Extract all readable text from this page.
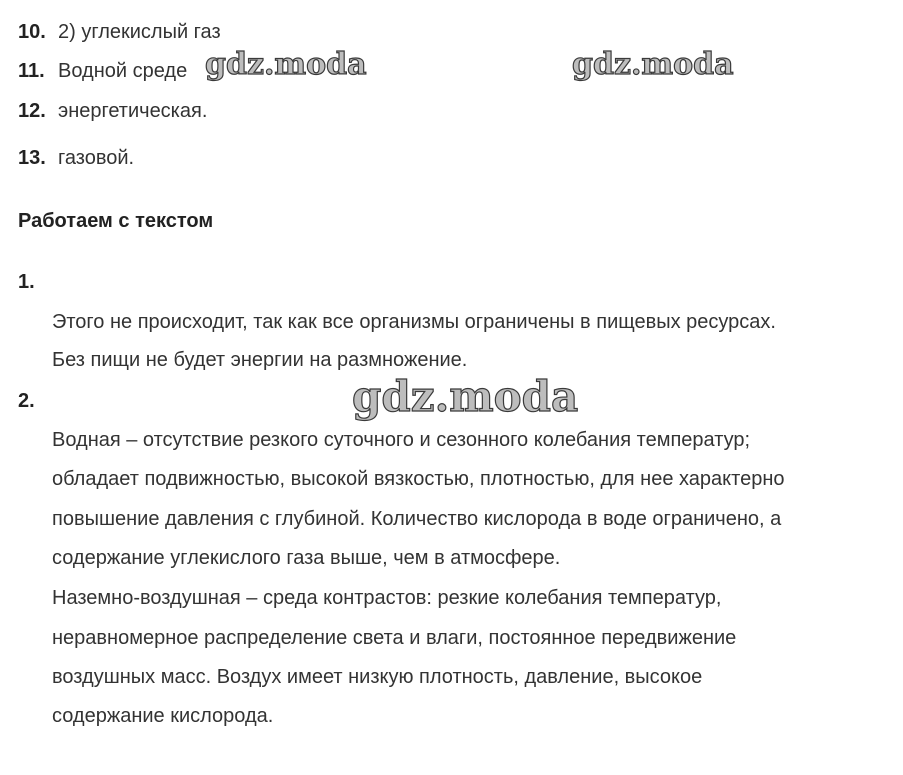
10. 2) углекислый газ
11. Водной среде
12. энергетическая.
13. газовой.
Работаем с текстом
1.
Этого не происходит, так как все организмы ограничены в пищевых ресурсах.
Без пищи не будет энергии на размножение.
2.
Водная – отсутствие резкого суточного и сезонного колебания температур;
обладает подвижностью, высокой вязкостью, плотностью, для нее характерно
повышение давления с глубиной. Количество кислорода в воде ограничено, а
содержание углекислого газа выше, чем в атмосфере.
Наземно-воздушная – среда контрастов: резкие колебания температур,
неравномерное распределение света и влаги, постоянное передвижение
воздушных масс. Воздух имеет низкую плотность, давление, высокое
содержание кислорода.
gdz.moda	gdz.moda
gdz.moda
